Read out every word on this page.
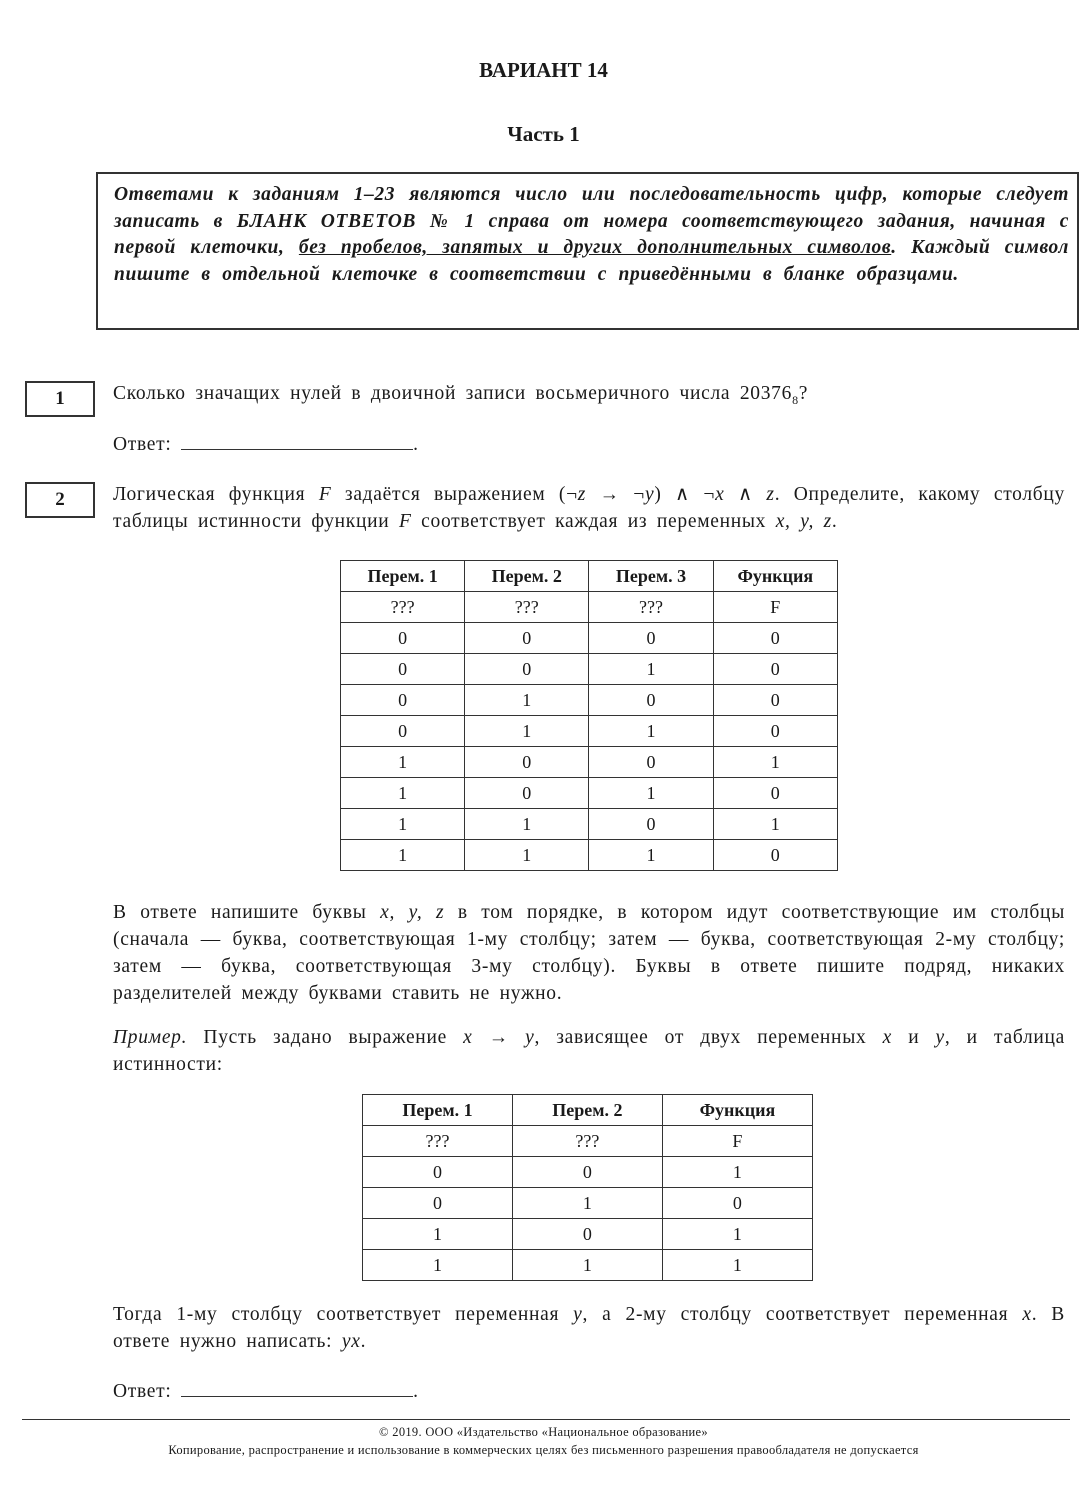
ВАРИАНТ 14
Часть 1

Ответами к заданиям 1–23 являются число или последовательность цифр, которые следует записать в БЛАНК ОТВЕТОВ № 1 справа от номера соответствующего задания, начиная с первой клеточки, без пробелов, запятых и других дополнительных символов. Каждый символ пишите в отдельной клеточке в соответствии с приведёнными в бланке образцами.

1	Сколько значащих нулей в двоичной записи восьмеричного числа $20376_8$?

Ответ:	.

2	Логическая функция F задаётся выражением (¬z → ¬y) ∧ ¬x ∧ z. Определите, какому столбцу таблицы истинности функции F соответствует каждая из переменных x, y, z.

Перем. 1	Перем. 2	Перем. 3	Функция
???	???	???	F
0	0	0	0
0	0	1	0
0	1	0	0
0	1	1	0
1	0	0	1
1	0	1	0
1	1	0	1
1	1	1	0

В ответе напишите буквы x, y, z в том порядке, в котором идут соответствующие им столбцы (сначала — буква, соответствующая 1-му столбцу; затем — буква, соответствующая 2-му столбцу; затем — буква, соответствующая 3-му столбцу). Буквы в ответе пишите подряд, никаких разделителей между буквами ставить не нужно.

Пример. Пусть задано выражение x → y, зависящее от двух переменных x и y, и таблица истинности:

Перем. 1	Перем. 2	Функция
???	???	F
0	0	1
0	1	0
1	0	1
1	1	1

Тогда 1-му столбцу соответствует переменная y, а 2-му столбцу соответствует переменная x. В ответе нужно написать: yx.

Ответ:	.

© 2019. ООО «Издательство «Национальное образование»
Копирование, распространение и использование в коммерческих целях без письменного разрешения правообладателя не допускается
